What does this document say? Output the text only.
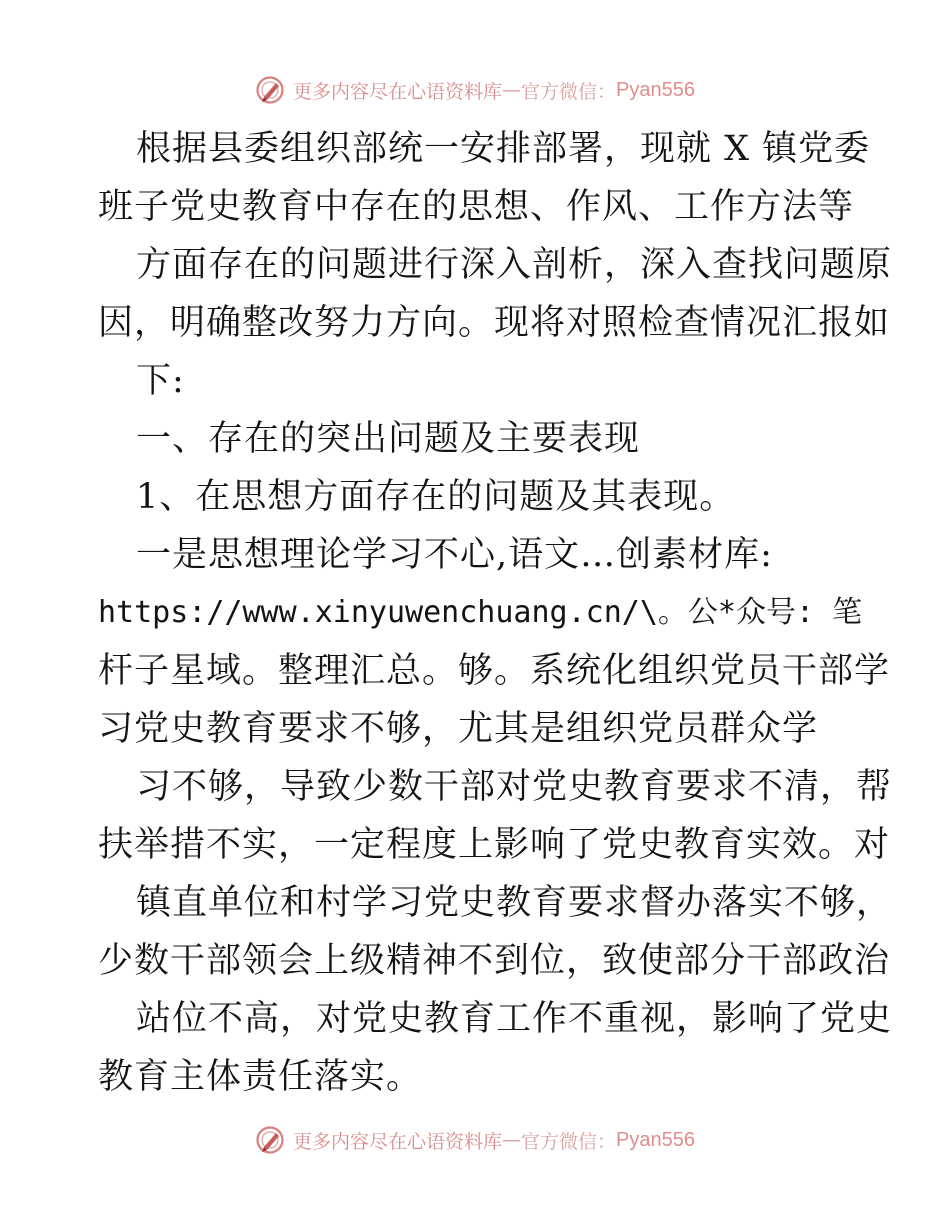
更多内容尽在心语资料库 — 官方微信： Pyan556
根据县委组织部统一安排部署，现就 X 镇党委
班子党史教育中存在的思想、作风、工作方法等
方面存在的问题进行深入剖析，深入查找问题原
因，明确整改努力方向。现将对照检查情况汇报如
下:
一、存在的突出问题及主要表现
1、在思想方面存在的问题及其表现。
一是思想理论学习不心,语文…创素材库:
https://www.xinyuwenchuang.cn/\。公*众号: 笔
杆子星域。整理汇总。够。系统化组织党员干部学
习党史教育要求不够，尤其是组织党员群众学
习不够，导致少数干部对党史教育要求不清，帮
扶举措不实，一定程度上影响了党史教育实效。对
镇直单位和村学习党史教育要求督办落实不够，
少数干部领会上级精神不到位，致使部分干部政治
站位不高，对党史教育工作不重视，影响了党史
教育主体责任落实。
更多内容尽在心语资料库 — 官方微信： Pyan556
